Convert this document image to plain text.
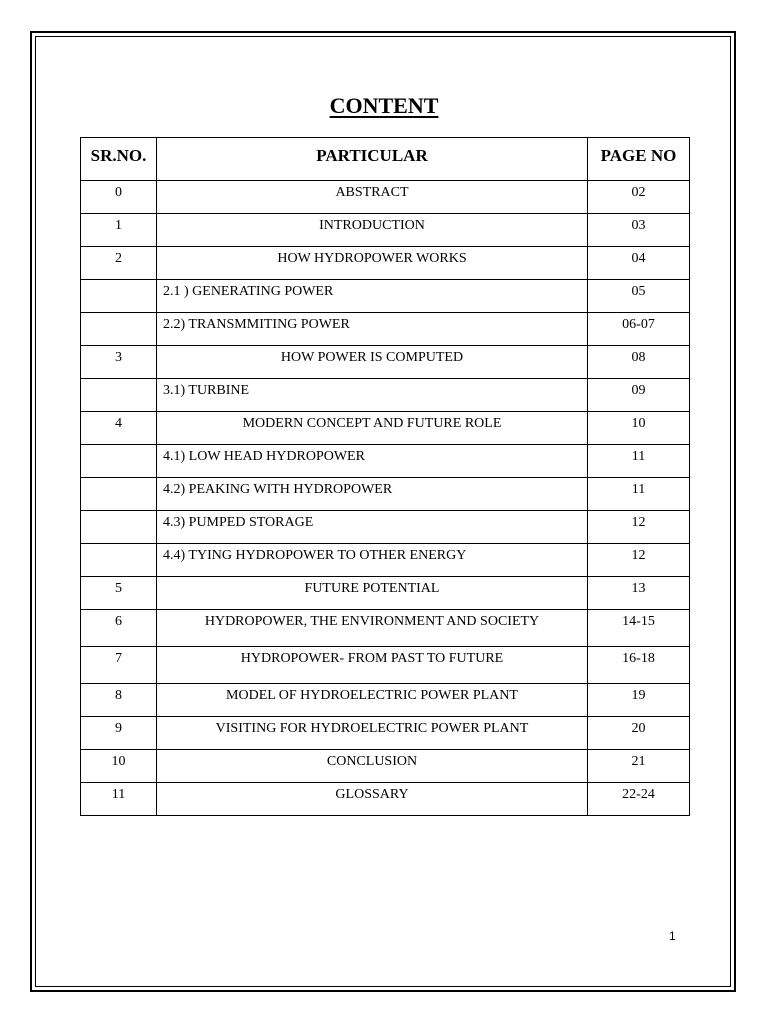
CONTENT
SR.NO.	PARTICULAR	PAGE NO
0	ABSTRACT	02
1	INTRODUCTION	03
2	HOW HYDROPOWER WORKS	04
	2.1 ) GENERATING POWER	05
	2.2) TRANSMMITING POWER	06-07
3	HOW POWER IS COMPUTED	08
	3.1) TURBINE	09
4	MODERN CONCEPT AND FUTURE ROLE	10
	4.1) LOW HEAD HYDROPOWER	11
	4.2) PEAKING WITH HYDROPOWER	11
	4.3) PUMPED STORAGE	12
	4.4) TYING HYDROPOWER TO OTHER ENERGY	12
5	FUTURE POTENTIAL	13
6	HYDROPOWER, THE ENVIRONMENT AND SOCIETY	14-15
7	HYDROPOWER- FROM PAST TO FUTURE	16-18
8	MODEL OF HYDROELECTRIC POWER PLANT	19
9	VISITING FOR HYDROELECTRIC POWER PLANT	20
10	CONCLUSION	21
11	GLOSSARY	22-24
1
